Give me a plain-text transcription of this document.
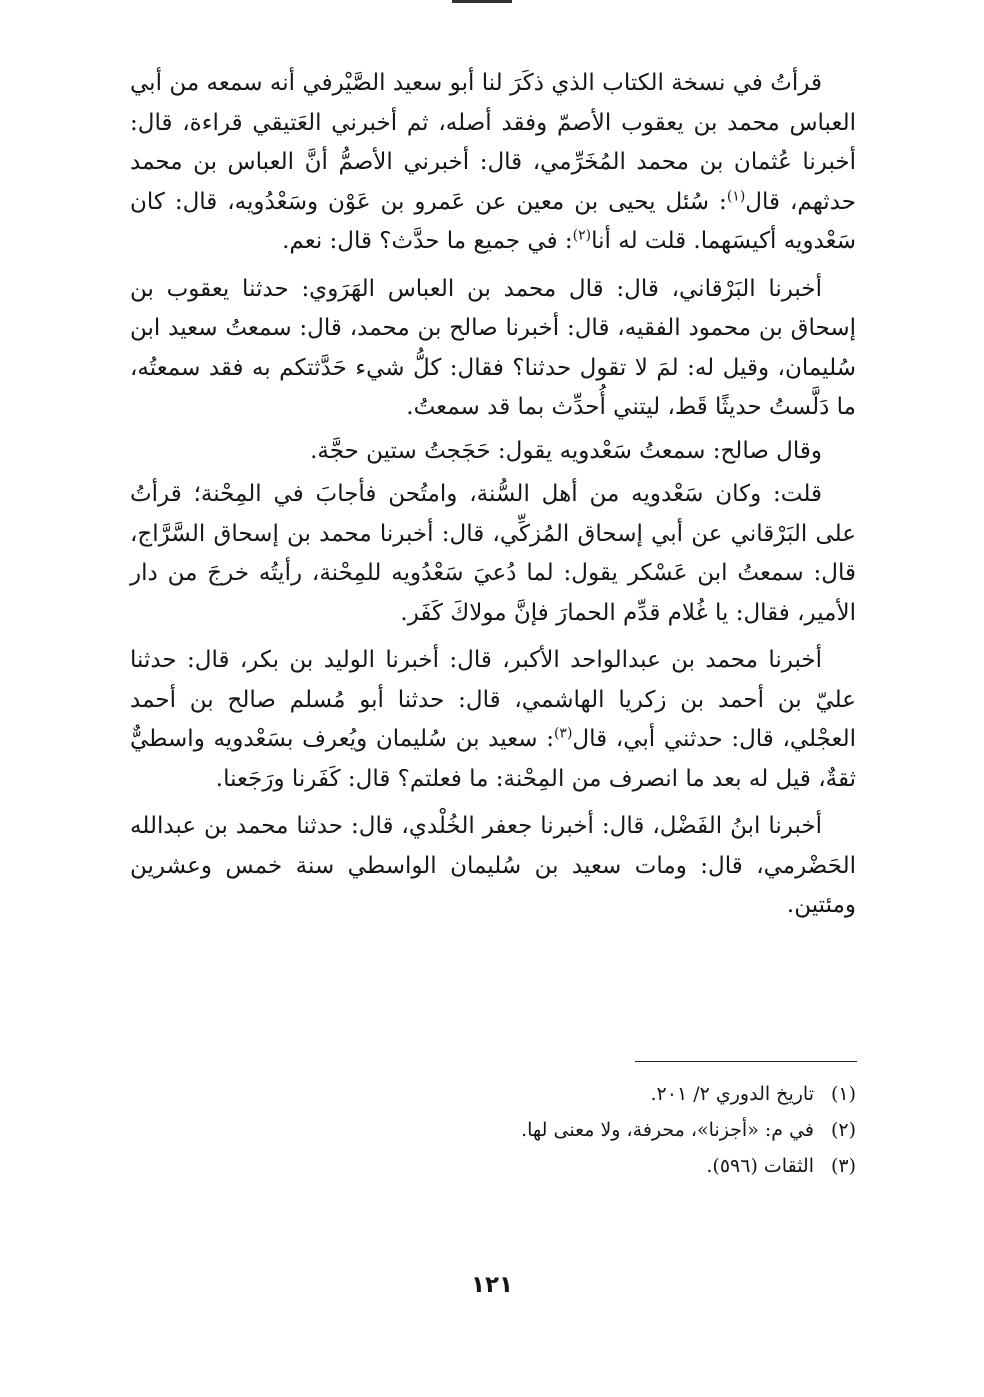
قرأتُ في نسخة الكتاب الذي ذكَرَ لنا أبو سعيد الصَّيْرفي أنه سمعه من أبي العباس محمد بن يعقوب الأصمّ وفقد أصله، ثم أخبرني العَتيقي قراءة، قال: أخبرنا عُثمان بن محمد المُخَرِّمي، قال: أخبرني الأصمُّ أنَّ العباس بن محمد حدثهم، قال$^{(١)}$: سُئل يحيى بن معين عن عَمرو بن عَوْن وسَعْدُويه، قال: كان سَعْدويه أكيسَهما. قلت له أنا$^{(٢)}$: في جميع ما حدَّث؟ قال: نعم.

أخبرنا البَرْقاني، قال: قال محمد بن العباس الهَرَوي: حدثنا يعقوب بن إسحاق بن محمود الفقيه، قال: أخبرنا صالح بن محمد، قال: سمعتُ سعيد ابن سُليمان، وقيل له: لمَ لا تقول حدثنا؟ فقال: كلُّ شيء حَدَّثتكم به فقد سمعتُه، ما دَلَّستُ حديثًا قَط، ليتني أُحدِّث بما قد سمعتُ.

وقال صالح: سمعتُ سَعْدويه يقول: حَجَجتُ ستين حجَّة.

قلت: وكان سَعْدويه من أهل السُّنة، وامتُحن فأجابَ في المِحْنة؛ قرأتُ على البَرْقاني عن أبي إسحاق المُزكِّي، قال: أخبرنا محمد بن إسحاق السَّرَّاج، قال: سمعتُ ابن عَسْكر يقول: لما دُعيَ سَعْدُويه للمِحْنة، رأيتُه خرجَ من دار الأمير، فقال: يا غُلام قدِّم الحمارَ فإنَّ مولاكَ كَفَر.

أخبرنا محمد بن عبدالواحد الأكبر، قال: أخبرنا الوليد بن بكر، قال: حدثنا عليّ بن أحمد بن زكريا الهاشمي، قال: حدثنا أبو مُسلم صالح بن أحمد العجْلي، قال: حدثني أبي، قال$^{(٣)}$: سعيد بن سُليمان ويُعرف بسَعْدويه واسطيٌّ ثقةٌ، قيل له بعد ما انصرف من المِحْنة: ما فعلتم؟ قال: كَفَرنا ورَجَعنا.

أخبرنا ابنُ الفَضْل، قال: أخبرنا جعفر الخُلْدي، قال: حدثنا محمد بن عبدالله الحَضْرمي، قال: ومات سعيد بن سُليمان الواسطي سنة خمس وعشرين ومئتين.

(١)تاريخ الدوري ٢/ ٢٠١.

(٢)في م: «أجزنا»، محرفة، ولا معنى لها.

(٣)الثقات (٥٩٦).

١٢١
